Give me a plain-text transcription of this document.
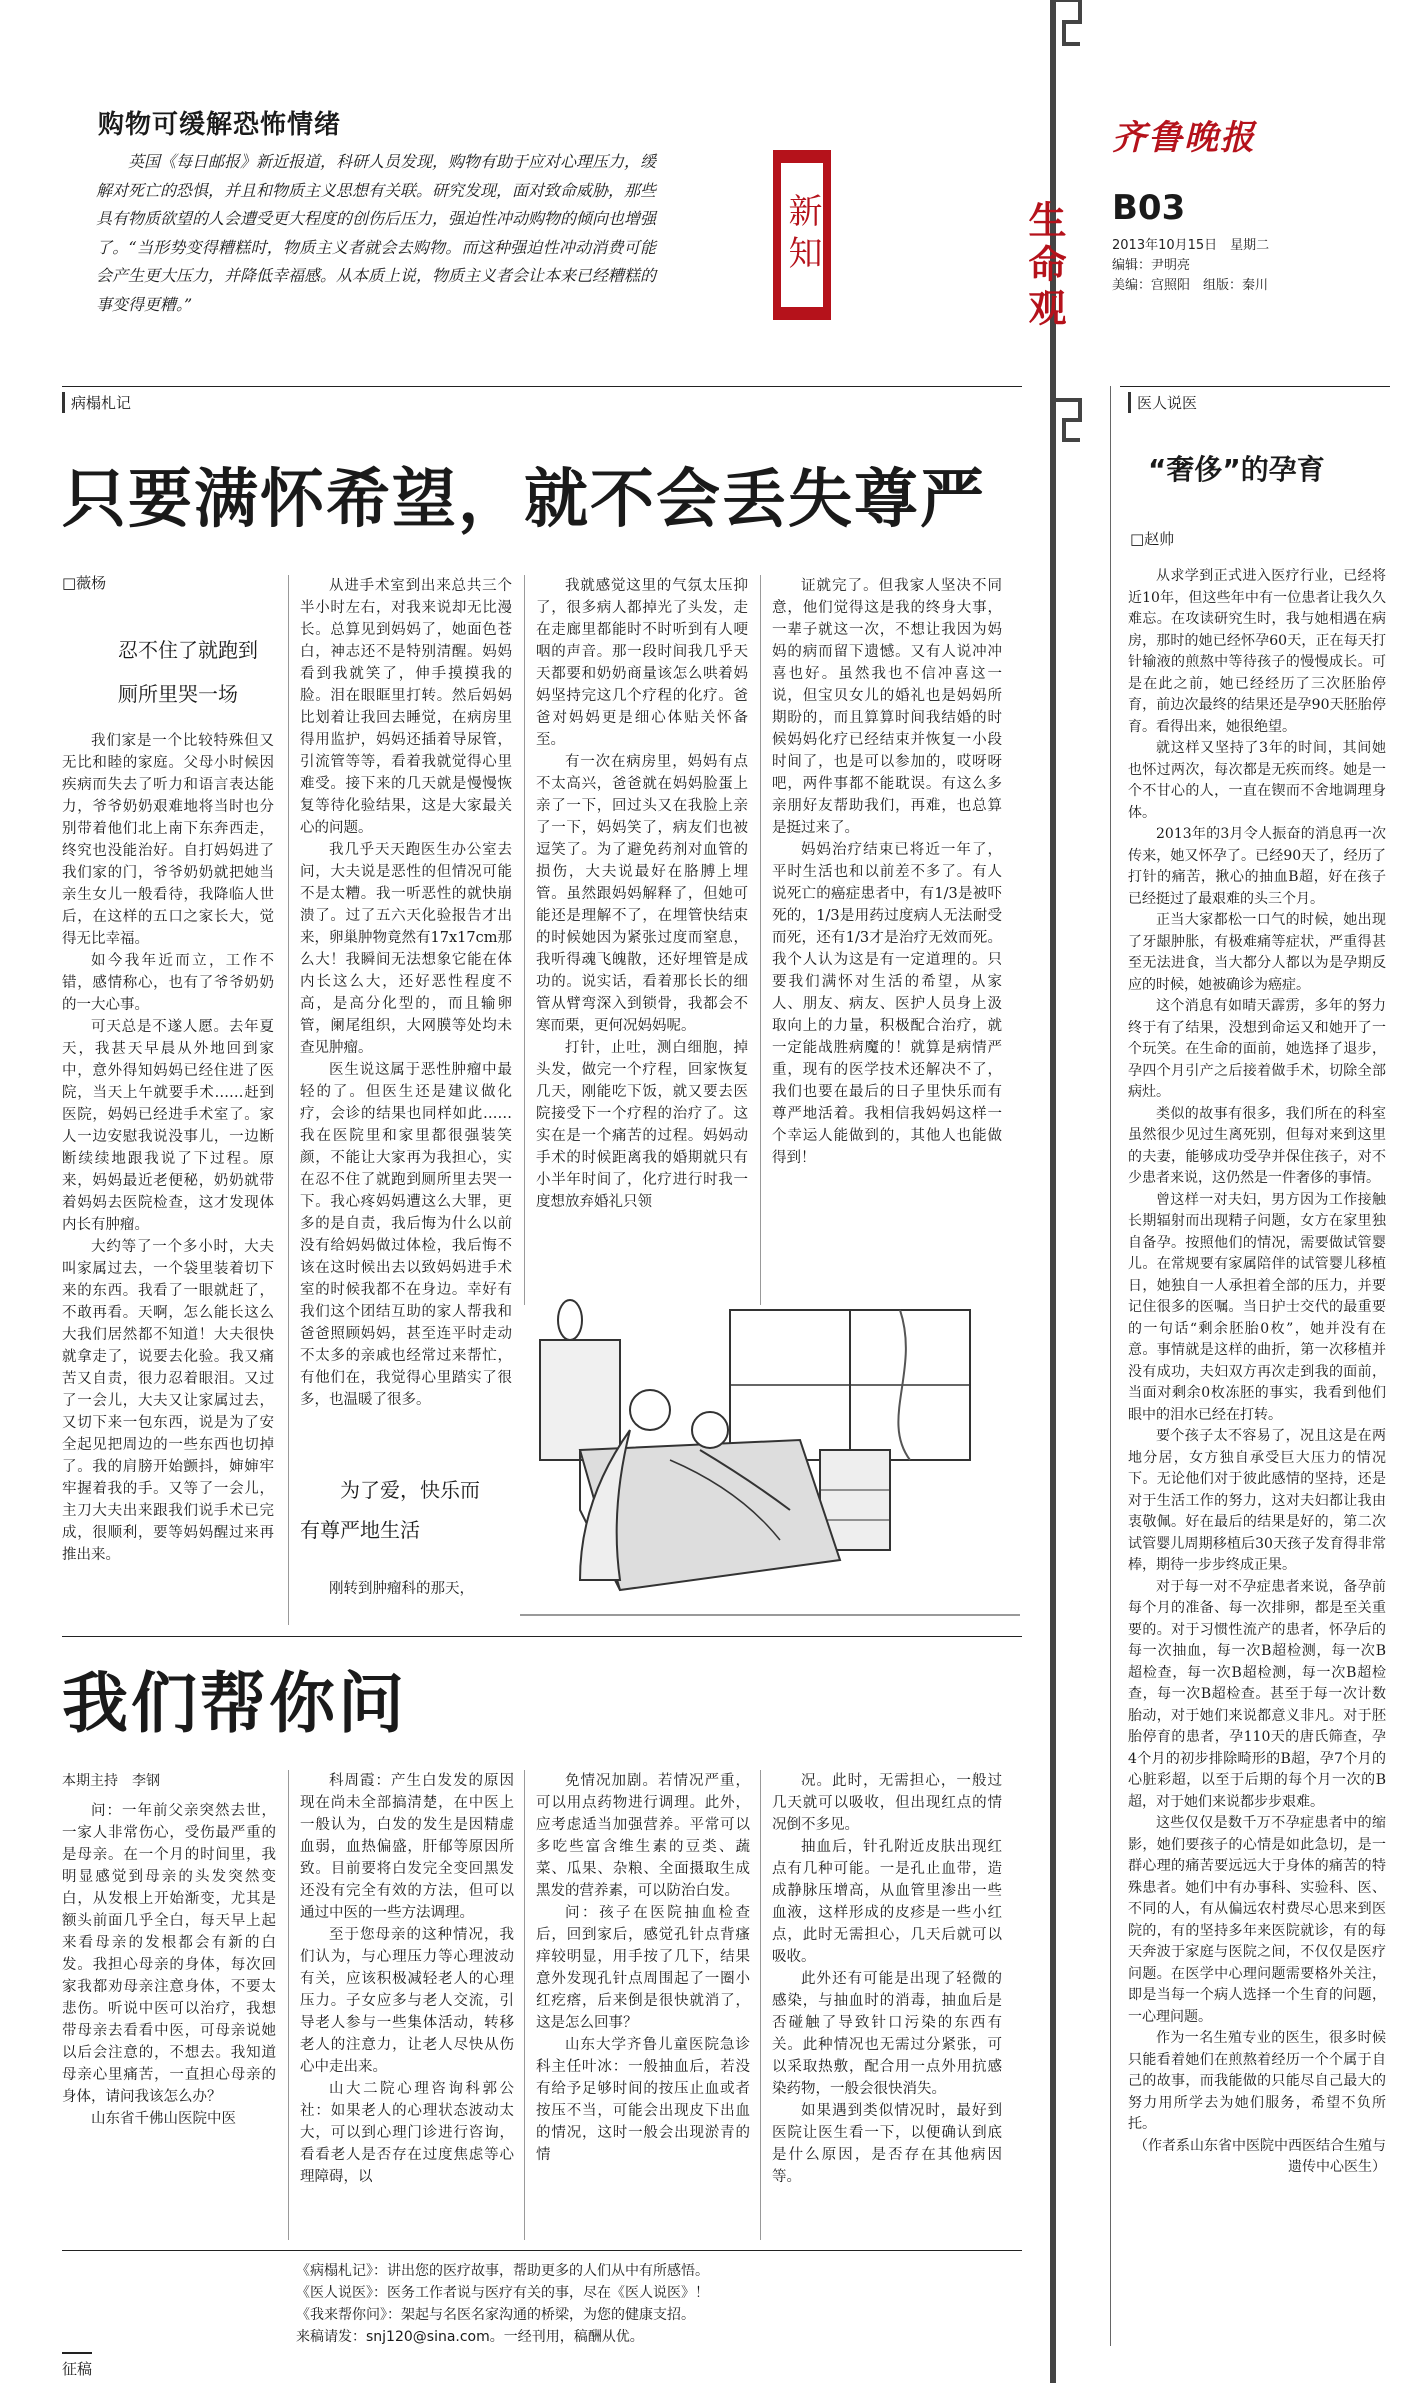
购物可缓解恐怖情绪
英国《每日邮报》新近报道，科研人员发现，购物有助于应对心理压力，缓解对死亡的恐惧，并且和物质主义思想有关联。研究发现，面对致命威胁，那些具有物质欲望的人会遭受更大程度的创伤后压力，强迫性冲动购物的倾向也增强了。“当形势变得糟糕时，物质主义者就会去购物。而这种强迫性冲动消费可能会产生更大压力，并降低幸福感。从本质上说，物质主义者会让本来已经糟糕的事变得更糟。”
新知	生命观
齐鲁晚报
B03
2013年10月15日　星期二
编辑：尹明亮
美编：宫照阳　组版：秦川
病榻札记	医人说医
只要满怀希望，就不会丢失尊严
□薇杨
忍不住了就跑到
厕所里哭一场

我们家是一个比较特殊但又无比和睦的家庭。父母小时候因疾病而失去了听力和语言表达能力，爷爷奶奶艰难地将当时也分别带着他们北上南下东奔西走，终究也没能治好。自打妈妈进了我们家的门，爷爷奶奶就把她当亲生女儿一般看待，我降临人世后，在这样的五口之家长大，觉得无比幸福。

如今我年近而立，工作不错，感情称心，也有了爷爷奶奶的一大心事。

可天总是不遂人愿。去年夏天，我甚天早晨从外地回到家中，意外得知妈妈已经住进了医院，当天上午就要手术……赶到医院，妈妈已经进手术室了。家人一边安慰我说没事儿，一边断断续续地跟我说了下过程。原来，妈妈最近老便秘，奶奶就带着妈妈去医院检查，这才发现体内长有肿瘤。

大约等了一个多小时，大夫叫家属过去，一个袋里装着切下来的东西。我看了一眼就赶了，不敢再看。天啊，怎么能长这么大我们居然都不知道！大夫很快就拿走了，说要去化验。我又痛苦又自责，很力忍着眼泪。又过了一会儿，大夫又让家属过去，又切下来一包东西，说是为了安全起见把周边的一些东西也切掉了。我的肩膀开始颤抖，婶婶牢牢握着我的手。又等了一会儿，主刀大夫出来跟我们说手术已完成，很顺利，要等妈妈醒过来再推出来。

从进手术室到出来总共三个半小时左右，对我来说却无比漫长。总算见到妈妈了，她面色苍白，神志还不是特别清醒。妈妈看到我就笑了，伸手摸摸我的脸。泪在眼眶里打转。然后妈妈比划着让我回去睡觉，在病房里得用监护，妈妈还插着导尿管，引流管等等，看着我就觉得心里难受。接下来的几天就是慢慢恢复等待化验结果，这是大家最关心的问题。

我几乎天天跑医生办公室去问，大夫说是恶性的但情况可能不是太糟。我一听恶性的就快崩溃了。过了五六天化验报告才出来，卵巢肿物竟然有17x17cm那么大！我瞬间无法想象它能在体内长这么大，还好恶性程度不高，是高分化型的，而且输卵管，阑尾组织，大网膜等处均未查见肿瘤。

医生说这属于恶性肿瘤中最轻的了。但医生还是建议做化疗，会诊的结果也同样如此……我在医院里和家里都很强装笑颜，不能让大家再为我担心，实在忍不住了就跑到厕所里去哭一下。我心疼妈妈遭这么大罪，更多的是自责，我后悔为什么以前没有给妈妈做过体检，我后悔不该在这时候出去以致妈妈进手术室的时候我都不在身边。幸好有我们这个团结互助的家人帮我和爸爸照顾妈妈，甚至连平时走动不太多的亲戚也经常过来帮忙，有他们在，我觉得心里踏实了很多，也温暖了很多。

为了爱，快乐而
有尊严地生活

刚转到肿瘤科的那天，

我就感觉这里的气氛太压抑了，很多病人都掉光了头发，走在走廊里都能时不时听到有人哽咽的声音。那一段时间我几乎天天都要和奶奶商量该怎么哄着妈妈坚持完这几个疗程的化疗。爸爸对妈妈更是细心体贴关怀备至。

有一次在病房里，妈妈有点不太高兴，爸爸就在妈妈脸蛋上亲了一下，回过头又在我脸上亲了一下，妈妈笑了，病友们也被逗笑了。为了避免药剂对血管的损伤，大夫说最好在胳膊上埋管。虽然跟妈妈解释了，但她可能还是理解不了，在埋管快结束的时候她因为紧张过度而窒息，我听得魂飞魄散，还好埋管是成功的。说实话，看着那长长的细管从臂弯深入到锁骨，我都会不寒而栗，更何况妈妈呢。

打针，止吐，测白细胞，掉头发，做完一个疗程，回家恢复几天，刚能吃下饭，就又要去医院接受下一个疗程的治疗了。这实在是一个痛苦的过程。妈妈动手术的时候距离我的婚期就只有小半年时间了，化疗进行时我一度想放弃婚礼只领

证就完了。但我家人坚决不同意，他们觉得这是我的终身大事，一辈子就这一次，不想让我因为妈妈的病而留下遗憾。又有人说冲冲喜也好。虽然我也不信冲喜这一说，但宝贝女儿的婚礼也是妈妈所期盼的，而且算算时间我结婚的时候妈妈化疗已经结束并恢复一小段时间了，也是可以参加的，哎呀呀吧，两件事都不能耽误。有这么多亲朋好友帮助我们，再难，也总算是挺过来了。

妈妈治疗结束已将近一年了，平时生活也和以前差不多了。有人说死亡的癌症患者中，有1/3是被吓死的，1/3是用药过度病人无法耐受而死，还有1/3才是治疗无效而死。我个人认为这是有一定道理的。只要我们满怀对生活的希望，从家人、朋友、病友、医护人员身上汲取向上的力量，积极配合治疗，就一定能战胜病魔的！就算是病情严重，现有的医学技术还解决不了，我们也要在最后的日子里快乐而有尊严地活着。我相信我妈妈这样一个幸运人能做到的，其他人也能做得到！

“奢侈”的孕育
□赵帅

从求学到正式进入医疗行业，已经将近10年，但这些年中有一位患者让我久久难忘。在攻读研究生时，我与她相遇在病房，那时的她已经怀孕60天，正在每天打针输液的煎熬中等待孩子的慢慢成长。可是在此之前，她已经经历了三次胚胎停育，前边次最终的结果还是孕90天胚胎停育。看得出来，她很绝望。

就这样又坚持了3年的时间，其间她也怀过两次，每次都是无疾而终。她是一个不甘心的人，一直在锲而不舍地调理身体。

2013年的3月令人振奋的消息再一次传来，她又怀孕了。已经90天了，经历了打针的痛苦，揪心的抽血B超，好在孩子已经挺过了最艰难的头三个月。

正当大家都松一口气的时候，她出现了牙龈肿胀，有极难痛等症状，严重得甚至无法进食，当大都分人都以为是孕期反应的时候，她被确诊为癌症。

这个消息有如晴天霹雳，多年的努力终于有了结果，没想到命运又和她开了一个玩笑。在生命的面前，她选择了退步，孕四个月引产之后接着做手术，切除全部病灶。

类似的故事有很多，我们所在的科室虽然很少见过生离死别，但每对来到这里的夫妻，能够成功受孕并保住孩子，对不少患者来说，这仍然是一件奢侈的事情。

曾这样一对夫妇，男方因为工作接触长期辐射而出现精子问题，女方在家里独自备孕。按照他们的情况，需要做试管婴儿。在常规要有家属陪伴的试管婴儿移植日，她独自一人承担着全部的压力，并要记住很多的医嘱。当日护士交代的最重要的一句话“剩余胚胎0枚”，她并没有在意。事情就是这样的曲折，第一次移植并没有成功，夫妇双方再次走到我的面前，当面对剩余0枚冻胚的事实，我看到他们眼中的泪水已经在打转。

要个孩子太不容易了，况且这是在两地分居，女方独自承受巨大压力的情况下。无论他们对于彼此感情的坚持，还是对于生活工作的努力，这对夫妇都让我由衷敬佩。好在最后的结果是好的，第二次试管婴儿周期移植后30天孩子发育得非常棒，期待一步步终成正果。

对于每一对不孕症患者来说，备孕前每个月的准备、每一次排卵，都是至关重要的。对于习惯性流产的患者，怀孕后的每一次抽血，每一次B超检测，每一次B超检查，每一次B超检测，每一次B超检查，每一次B超检查。甚至于每一次计数胎动，对于她们来说都意义非凡。对于胚胎停育的患者，孕110天的唐氏筛查，孕4个月的初步排除畸形的B超，孕7个月的心脏彩超，以至于后期的每个月一次的B超，对于她们来说都步步艰难。

这些仅仅是数千万不孕症患者中的缩影，她们要孩子的心情是如此急切，是一群心理的痛苦要远远大于身体的痛苦的特殊患者。她们中有办事科、实验科、医、不同的人，有从偏远农村费尽心思来到医院的，有的坚持多年来医院就诊，有的每天奔波于家庭与医院之间，不仅仅是医疗问题。在医学中心理问题需要格外关注，即是当每一个病人选择一个生育的问题，一心理问题。

作为一名生殖专业的医生，很多时候只能看着她们在煎熬着经历一个个属于自己的故事，而我能做的只能尽自己最大的努力用所学去为她们服务，希望不负所托。

（作者系山东省中医院中西医结合生殖与遗传中心医生）

我们帮你问
本期主持　李钢

问：一年前父亲突然去世，一家人非常伤心，受伤最严重的是母亲。在一个月的时间里，我明显感觉到母亲的头发突然变白，从发根上开始渐变，尤其是额头前面几乎全白，每天早上起来看母亲的发根都会有新的白发。我担心母亲的身体，每次回家我都劝母亲注意身体，不要太悲伤。听说中医可以治疗，我想带母亲去看看中医，可母亲说她以后会注意的，不想去。我知道母亲心里痛苦，一直担心母亲的身体，请问我该怎么办？

山东省千佛山医院中医

科周霞：产生白发发的原因现在尚未全部搞清楚，在中医上一般认为，白发的发生是因精虚血弱，血热偏盛，肝郁等原因所致。目前要将白发完全变回黑发还没有完全有效的方法，但可以通过中医的一些方法调理。

至于您母亲的这种情况，我们认为，与心理压力等心理波动有关，应该积极减轻老人的心理压力。子女应多与老人交流，引导老人参与一些集体活动，转移老人的注意力，让老人尽快从伤心中走出来。

山大二院心理咨询科郭公社：如果老人的心理状态波动太大，可以到心理门诊进行咨询，看看老人是否存在过度焦虑等心理障碍，以

免情况加剧。若情况严重，可以用点药物进行调理。此外，应考虑适当加强营养。平常可以多吃些富含维生素的豆类、蔬菜、瓜果、杂粮、全面摄取生成黑发的营养素，可以防治白发。

问：孩子在医院抽血检查后，回到家后，感觉孔针点背瘙痒较明显，用手按了几下，结果意外发现孔针点周围起了一圈小红疙瘩，后来倒是很快就消了，这是怎么回事？

山东大学齐鲁儿童医院急诊科主任叶冰：一般抽血后，若没有给予足够时间的按压止血或者按压不当，可能会出现皮下出血的情况，这时一般会出现淤青的情

况。此时，无需担心，一般过几天就可以吸收，但出现红点的情况倒不多见。

抽血后，针孔附近皮肤出现红点有几种可能。一是孔止血带，造成静脉压增高，从血管里渗出一些血液，这样形成的皮疹是一些小红点，此时无需担心，几天后就可以吸收。

此外还有可能是出现了轻微的感染，与抽血时的消毒，抽血后是否碰触了导致针口污染的东西有关。此种情况也无需过分紧张，可以采取热敷，配合用一点外用抗感染药物，一般会很快消失。

如果遇到类似情况时，最好到医院让医生看一下，以便确认到底是什么原因，是否存在其他病因等。

《病榻札记》：讲出您的医疗故事，帮助更多的人们从中有所感悟。
《医人说医》：医务工作者说与医疗有关的事，尽在《医人说医》！
《我来帮你问》：架起与名医名家沟通的桥梁，为您的健康支招。
来稿请发：snj120@sina.com。一经刊用，稿酬从优。
征稿
